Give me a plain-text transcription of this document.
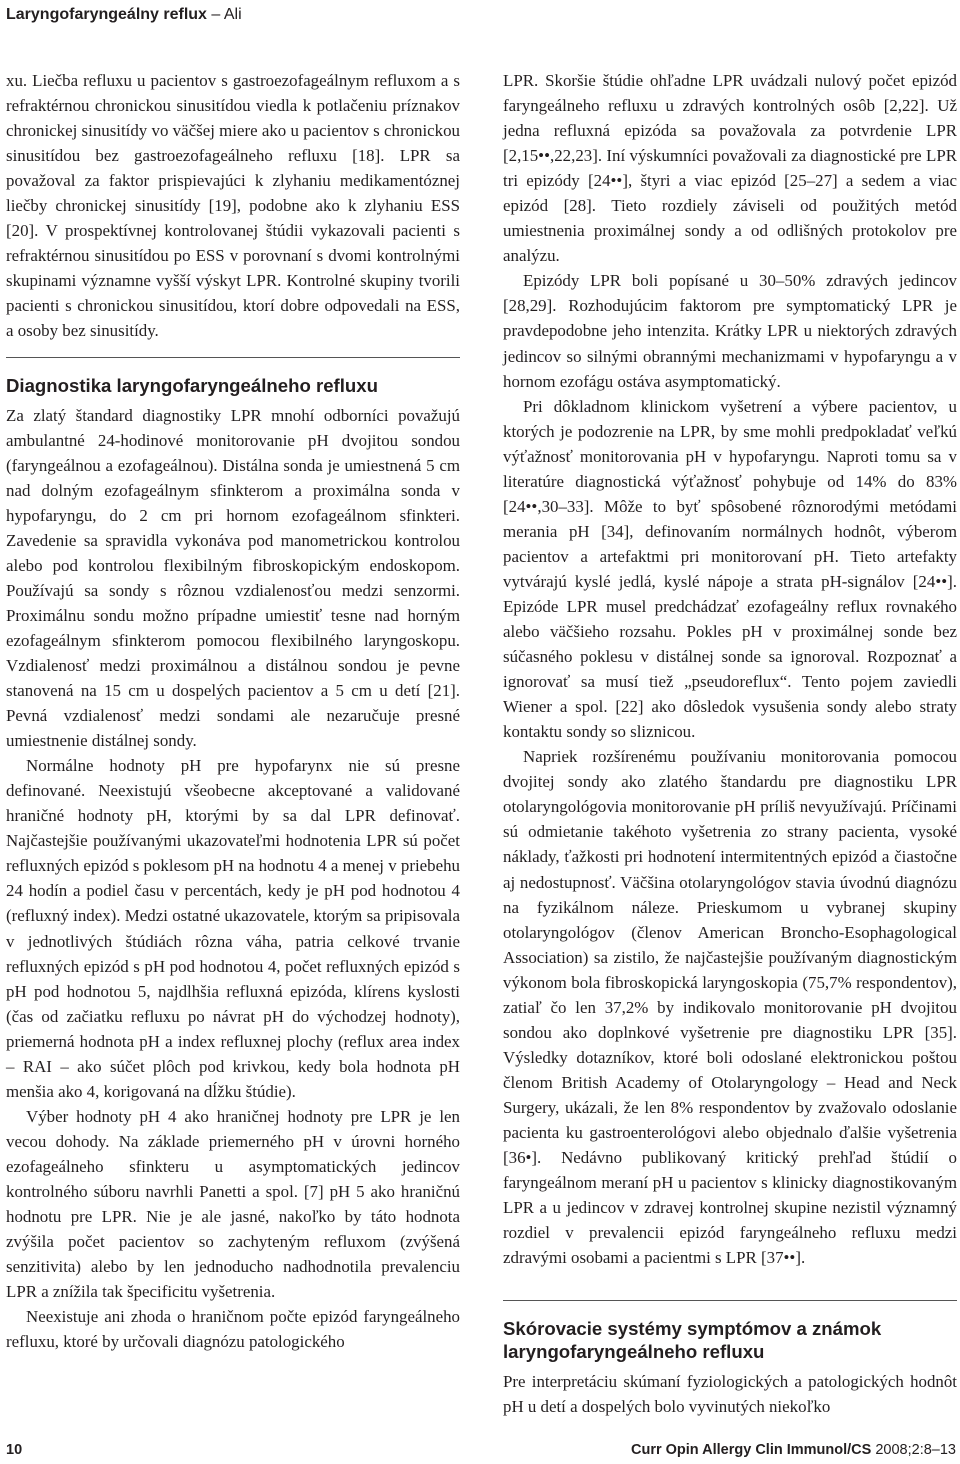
Laryngofaryngeálny reflux – Ali

xu. Liečba refluxu u pacientov s gastroezofageálnym refluxom a s refraktérnou chronickou sinusitídou viedla k potlačeniu príznakov chronickej sinusitídy vo väčšej miere ako u pacientov s chronickou sinusitídou bez gastroezofageálneho refluxu [18]. LPR sa považoval za faktor prispievajúci k zlyhaniu medikamentóznej liečby chronickej sinusitídy [19], podobne ako k zlyhaniu ESS [20]. V prospektívnej kontrolovanej štúdii vykazovali pacienti s refraktérnou sinusitídou po ESS v porovnaní s dvomi kontrolnými skupinami významne vyšší výskyt LPR. Kontrolné skupiny tvorili pacienti s chronickou sinusitídou, ktorí dobre odpovedali na ESS, a osoby bez sinusitídy.

Diagnostika laryngofaryngeálneho refluxu

Za zlatý štandard diagnostiky LPR mnohí odborníci považujú ambulantné 24-hodinové monitorovanie pH dvojitou sondou (faryngeálnou a ezofageálnou). Distálna sonda je umiestnená 5 cm nad dolným ezofageálnym sfinkterom a proximálna sonda v hypofaryngu, do 2 cm pri hornom ezofageálnom sfinkteri. Zavedenie sa spravidla vykonáva pod manometrickou kontrolou alebo pod kontrolou flexibilným fibroskopickým endoskopom. Používajú sa sondy s rôznou vzdialenosťou medzi senzormi. Proximálnu sondu možno prípadne umiestiť tesne nad horným ezofageálnym sfinkterom pomocou flexibilného laryngoskopu. Vzdialenosť medzi proximálnou a distálnou sondou je pevne stanovená na 15 cm u dospelých pacientov a 5 cm u detí [21]. Pevná vzdialenosť medzi sondami ale nezaručuje presné umiestnenie distálnej sondy.

Normálne hodnoty pH pre hypofarynx nie sú presne definované. Neexistujú všeobecne akceptované a validované hraničné hodnoty pH, ktorými by sa dal LPR definovať. Najčastejšie používanými ukazovateľmi hodnotenia LPR sú počet refluxných epizód s poklesom pH na hodnotu 4 a menej v priebehu 24 hodín a podiel času v percentách, kedy je pH pod hodnotou 4 (refluxný index). Medzi ostatné ukazovatele, ktorým sa pripisovala v jednotlivých štúdiách rôzna váha, patria celkové trvanie refluxných epizód s pH pod hodnotou 4, počet refluxných epizód s pH pod hodnotou 5, najdlhšia refluxná epizóda, klírens kyslosti (čas od začiatku refluxu po návrat pH do východzej hodnoty), priemerná hodnota pH a index refluxnej plochy (reflux area index – RAI – ako súčet plôch pod krivkou, kedy bola hodnota pH menšia ako 4, korigovaná na dĺžku štúdie).

Výber hodnoty pH 4 ako hraničnej hodnoty pre LPR je len vecou dohody. Na základe priemerného pH v úrovni horného ezofageálneho sfinkteru u asymptomatických jedincov kontrolného súboru navrhli Panetti a spol. [7] pH 5 ako hraničnú hodnotu pre LPR. Nie je ale jasné, nakoľko by táto hodnota zvýšila počet pacientov so zachyteným refluxom (zvýšená senzitivita) alebo by len jednoducho nadhodnotila prevalenciu LPR a znížila tak špecificitu vyšetrenia.

Neexistuje ani zhoda o hraničnom počte epizód faryngeálneho refluxu, ktoré by určovali diagnózu patologického

LPR. Skoršie štúdie ohľadne LPR uvádzali nulový počet epizód faryngeálneho refluxu u zdravých kontrolných osôb [2,22]. Už jedna refluxná epizóda sa považovala za potvrdenie LPR [2,15••,22,23]. Iní výskumníci považovali za diagnostické pre LPR tri epizódy [24••], štyri a viac epizód [25–27] a sedem a viac epizód [28]. Tieto rozdiely záviseli od použitých metód umiestnenia proximálnej sondy a od odlišných protokolov pre analýzu.

Epizódy LPR boli popísané u 30–50% zdravých jedincov [28,29]. Rozhodujúcim faktorom pre symptomatický LPR je pravdepodobne jeho intenzita. Krátky LPR u niektorých zdravých jedincov so silnými obrannými mechanizmami v hypofaryngu a v hornom ezofágu ostáva asymptomatický.

Pri dôkladnom klinickom vyšetrení a výbere pacientov, u ktorých je podozrenie na LPR, by sme mohli predpokladať veľkú výťažnosť monitorovania pH v hypofaryngu. Naproti tomu sa v literatúre diagnostická výťažnosť pohybuje od 14% do 83% [24••,30–33]. Môže to byť spôsobené rôznorodými metódami merania pH [34], definovaním normálnych hodnôt, výberom pacientov a artefaktmi pri monitorovaní pH. Tieto artefakty vytvárajú kyslé jedlá, kyslé nápoje a strata pH-signálov [24••]. Epizóde LPR musel predchádzať ezofageálny reflux rovnakého alebo väčšieho rozsahu. Pokles pH v proximálnej sonde bez súčasného poklesu v distálnej sonde sa ignoroval. Rozpoznať a ignorovať sa musí tiež „pseudoreflux“. Tento pojem zaviedli Wiener a spol. [22] ako dôsledok vysušenia sondy alebo straty kontaktu sondy so sliznicou.

Napriek rozšírenému používaniu monitorovania pomocou dvojitej sondy ako zlatého štandardu pre diagnostiku LPR otolaryngológovia monitorovanie pH príliš nevyužívajú. Príčinami sú odmietanie takéhoto vyšetrenia zo strany pacienta, vysoké náklady, ťažkosti pri hodnotení intermitentných epizód a čiastočne aj nedostupnosť. Väčšina otolaryngológov stavia úvodnú diagnózu na fyzikálnom náleze. Prieskumom u vybranej skupiny otolaryngológov (členov American Broncho-Esophagological Association) sa zistilo, že najčastejšie používaným diagnostickým výkonom bola fibroskopická laryngoskopia (75,7% respondentov), zatiaľ čo len 37,2% by indikovalo monitorovanie pH dvojitou sondou ako doplnkové vyšetrenie pre diagnostiku LPR [35]. Výsledky dotazníkov, ktoré boli odoslané elektronickou poštou členom British Academy of Otolaryngology – Head and Neck Surgery, ukázali, že len 8% respondentov by zvažovalo odoslanie pacienta ku gastroenterológovi alebo objednalo ďalšie vyšetrenia [36•]. Nedávno publikovaný kritický prehľad štúdií o faryngeálnom meraní pH u pacientov s klinicky diagnostikovaným LPR a u jedincov v zdravej kontrolnej skupine nezistil významný rozdiel v prevalencii epizód faryngeálneho refluxu medzi zdravými osobami a pacientmi s LPR [37••].

Skórovacie systémy symptómov a známok laryngofaryngeálneho refluxu

Pre interpretáciu skúmaní fyziologických a patologických hodnôt pH u detí a dospelých bolo vyvinutých niekoľko

10	Curr Opin Allergy Clin Immunol/CS 2008;2:8–13
